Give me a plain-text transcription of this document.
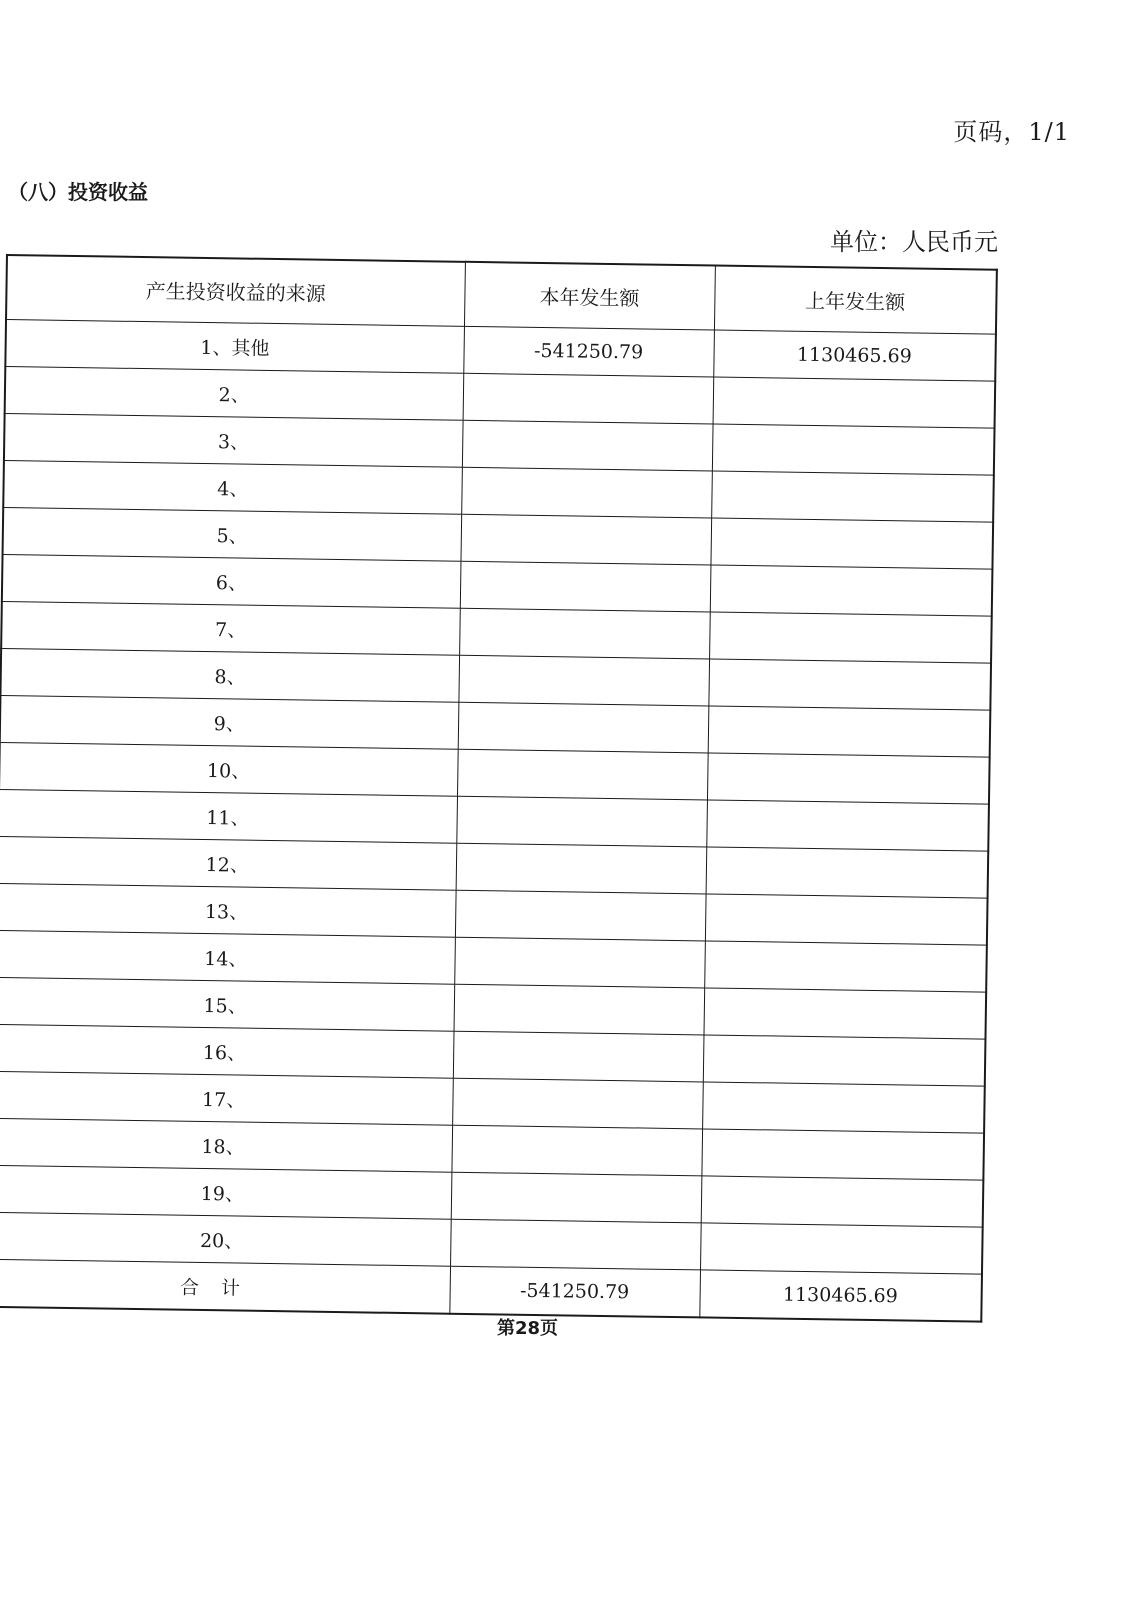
页码，1/1
（八）投资收益
单位：人民币元
产生投资收益的来源	本年发生额	上年发生额
1、其他	-541250.79	1130465.69
2、		
3、		
4、		
5、		
6、		
7、		
8、		
9、		
10、		
11、		
12、		
13、		
14、		
15、		
16、		
17、		
18、		
19、		
20、		
合计	-541250.79	1130465.69
第28页
